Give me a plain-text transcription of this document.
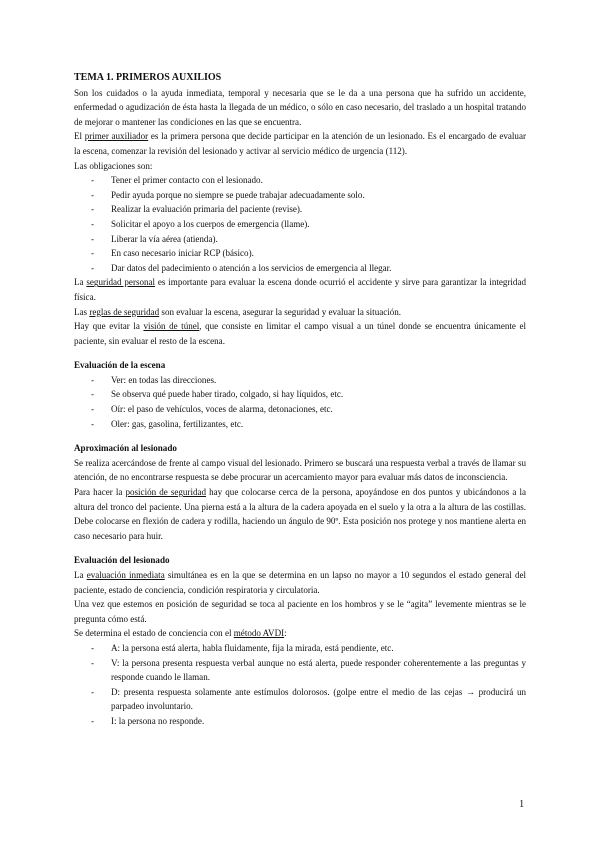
TEMA 1. PRIMEROS AUXILIOS

Son los cuidados o la ayuda inmediata, temporal y necesaria que se le da a una persona que ha sufrido un accidente, enfermedad o agudización de ésta hasta la llegada de un médico, o sólo en caso necesario, del traslado a un hospital tratando de mejorar o mantener las condiciones en las que se encuentra.

El primer auxiliador es la primera persona que decide participar en la atención de un lesionado. Es el encargado de evaluar la escena, comenzar la revisión del lesionado y activar al servicio médico de urgencia (112).

Las obligaciones son:

- Tener el primer contacto con el lesionado.
- Pedir ayuda porque no siempre se puede trabajar adecuadamente solo.
- Realizar la evaluación primaria del paciente (revise).
- Solicitar el apoyo a los cuerpos de emergencia (llame).
- Liberar la vía aérea (atienda).
- En caso necesario iniciar RCP (básico).
- Dar datos del padecimiento o atención a los servicios de emergencia al llegar.

La seguridad personal es importante para evaluar la escena donde ocurrió el accidente y sirve para garantizar la integridad física.

Las reglas de seguridad son evaluar la escena, asegurar la seguridad y evaluar la situación.

Hay que evitar la visión de túnel, que consiste en limitar el campo visual a un túnel donde se encuentra únicamente el paciente, sin evaluar el resto de la escena.

Evaluación de la escena
- Ver: en todas las direcciones.
- Se observa qué puede haber tirado, colgado, si hay líquidos, etc.
- Oír: el paso de vehículos, voces de alarma, detonaciones, etc.
- Oler: gas, gasolina, fertilizantes, etc.
Aproximación al lesionado

Se realiza acercándose de frente al campo visual del lesionado. Primero se buscará una respuesta verbal a través de llamar su atención, de no encontrarse respuesta se debe procurar un acercamiento mayor para evaluar más datos de inconsciencia.

Para hacer la posición de seguridad hay que colocarse cerca de la persona, apoyándose en dos puntos y ubicándonos a la altura del tronco del paciente. Una pierna está a la altura de la cadera apoyada en el suelo y la otra a la altura de las costillas. Debe colocarse en flexión de cadera y rodilla, haciendo un ángulo de 90º. Esta posición nos protege y nos mantiene alerta en caso necesario para huir.

Evaluación del lesionado

La evaluación inmediata simultánea es en la que se determina en un lapso no mayor a 10 segundos el estado general del paciente, estado de conciencia, condición respiratoria y circulatoria.

Una vez que estemos en posición de seguridad se toca al paciente en los hombros y se le “agita” levemente mientras se le pregunta cómo está.

Se determina el estado de conciencia con el método AVDI:

- A: la persona está alerta, habla fluidamente, fija la mirada, está pendiente, etc.
- V: la persona presenta respuesta verbal aunque no está alerta, puede responder coherentemente a las preguntas y responde cuando le llaman.
- D: presenta respuesta solamente ante estímulos dolorosos. (golpe entre el medio de las cejas → producirá un parpadeo involuntario.
- I: la persona no responde.
1
